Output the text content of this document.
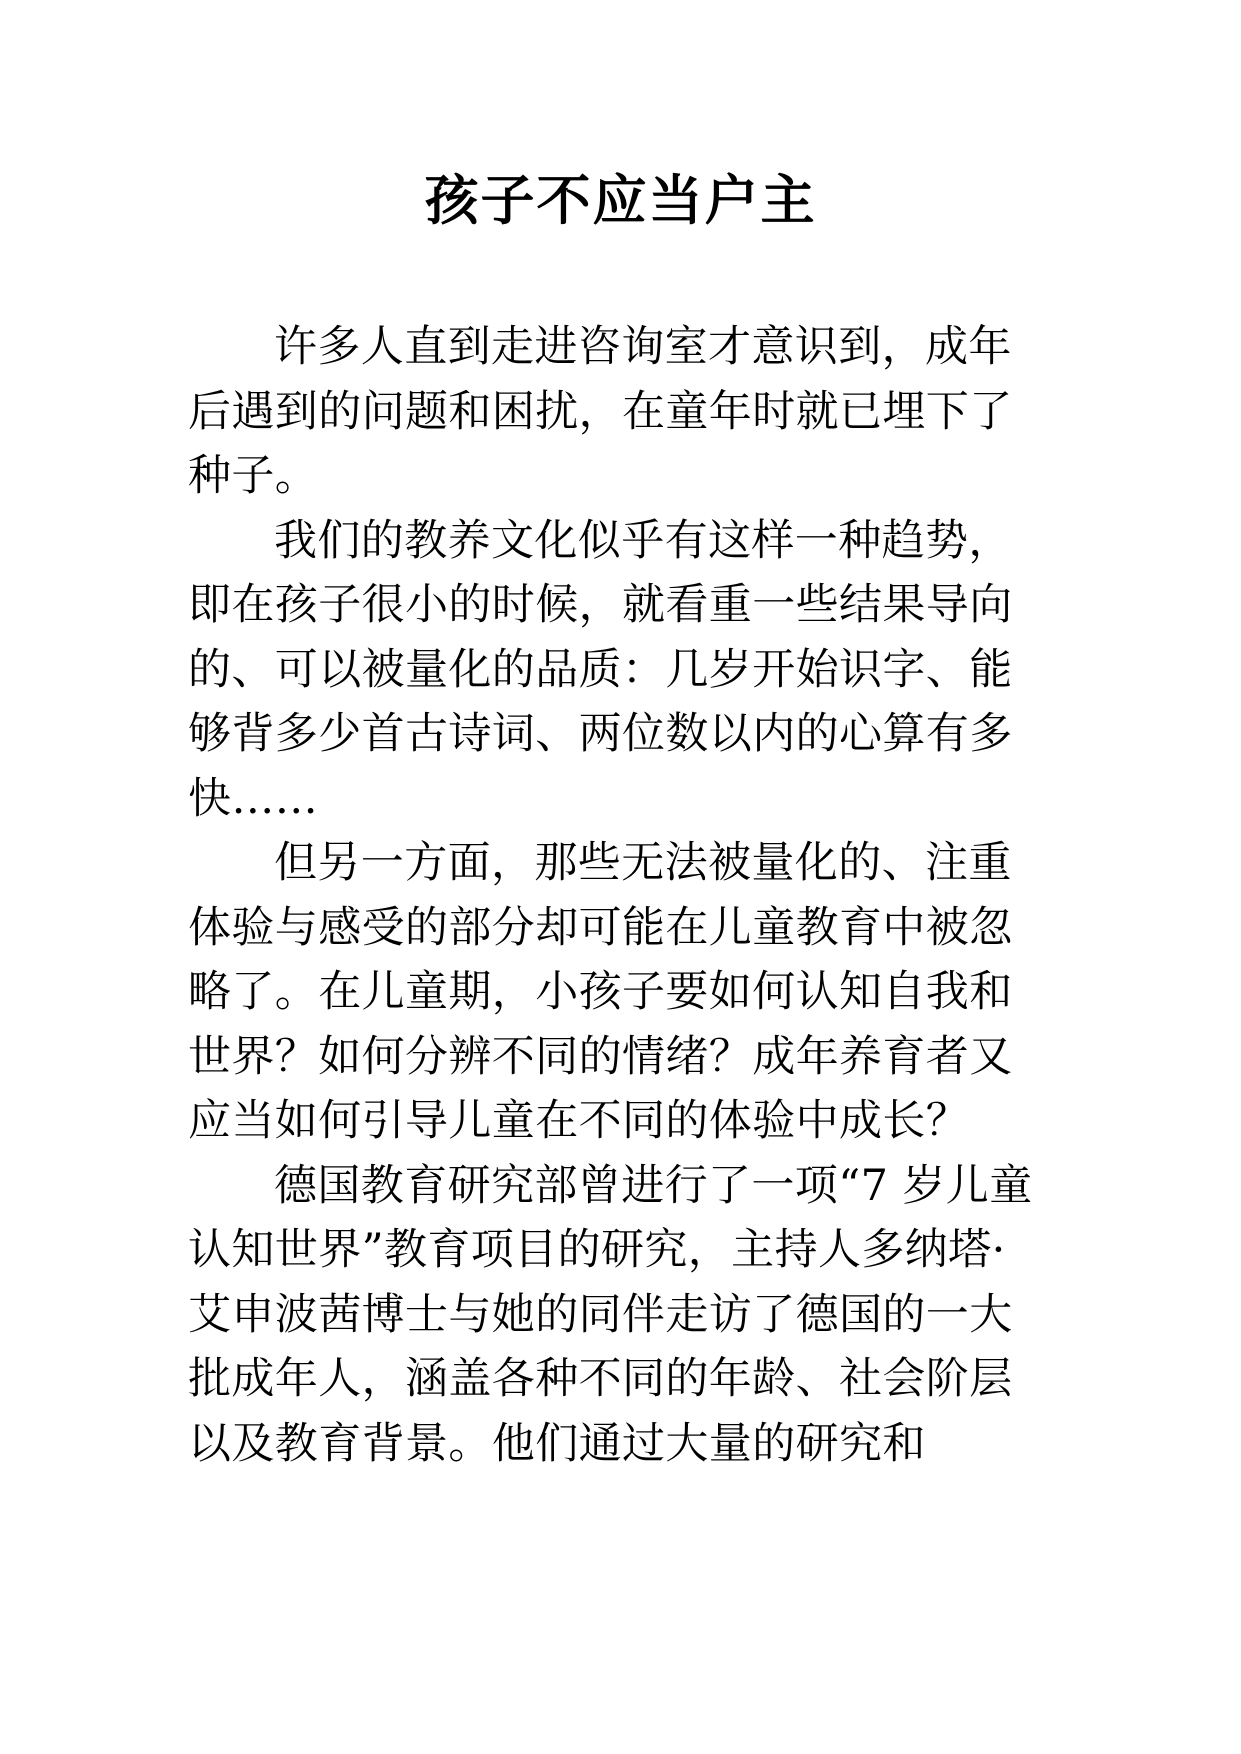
孩子不应当户主

许多人直到走进咨询室才意识到，成年后遇到的问题和困扰，在童年时就已埋下了种子。

我们的教养文化似乎有这样一种趋势，即在孩子很小的时候，就看重一些结果导向的、可以被量化的品质：几岁开始识字、能够背多少首古诗词、两位数以内的心算有多快……

但另一方面，那些无法被量化的、注重体验与感受的部分却可能在儿童教育中被忽略了。在儿童期，小孩子要如何认知自我和世界？如何分辨不同的情绪？成年养育者又应当如何引导儿童在不同的体验中成长？

德国教育研究部曾进行了一项“7 岁儿童认知世界”教育项目的研究，主持人多纳塔·艾申波茜博士与她的同伴走访了德国的一大批成年人，涵盖各种不同的年龄、社会阶层以及教育背景。他们通过大量的研究和
